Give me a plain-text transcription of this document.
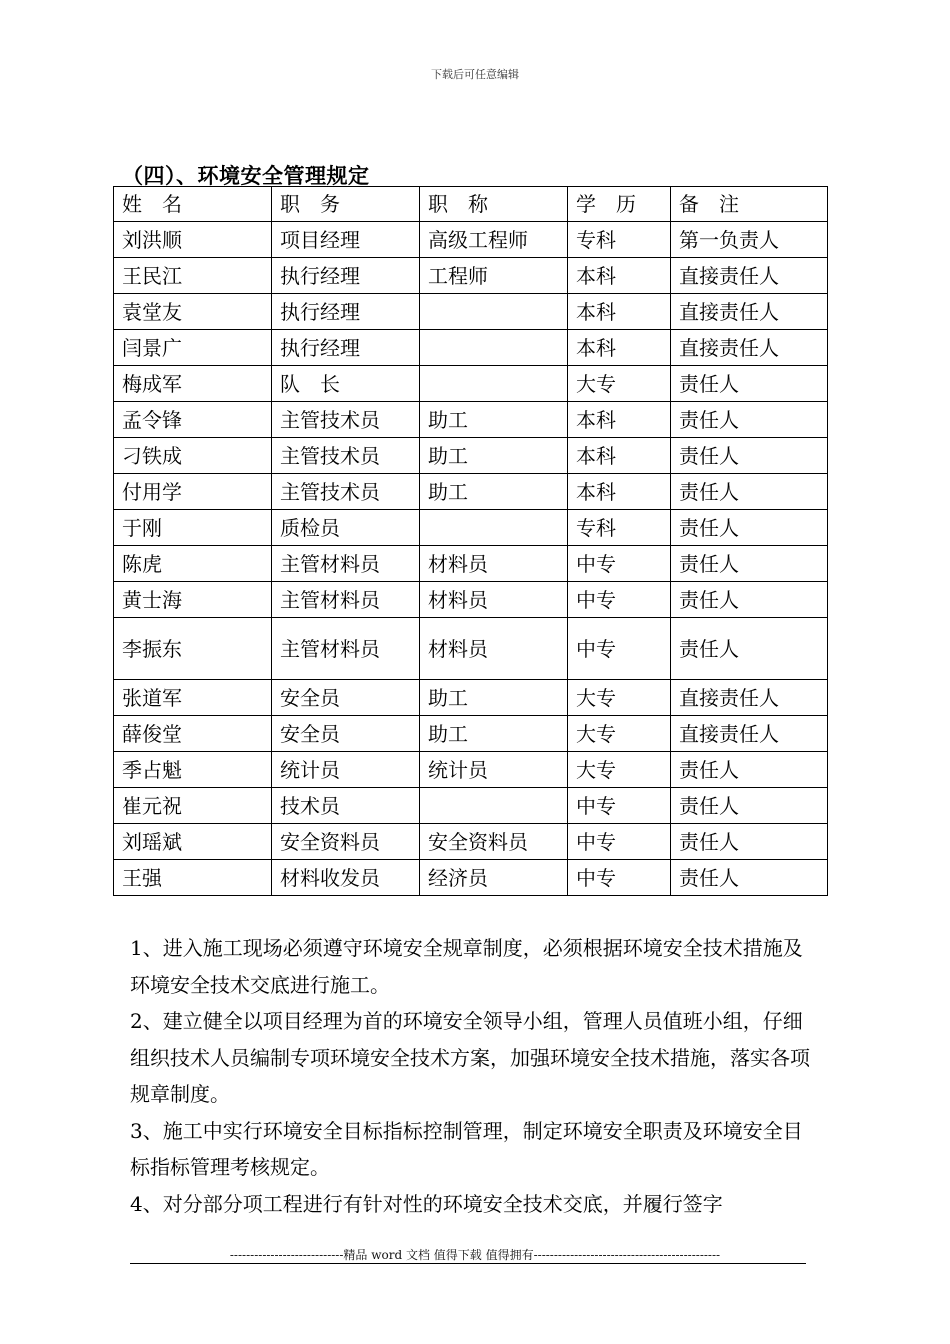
下载后可任意编辑
（四）、环境安全管理规定
姓　名	职　务	职　称	学　历	备　注
刘洪顺	项目经理	高级工程师	专科	第一负责人
王民江	执行经理	工程师	本科	直接责任人
袁堂友	执行经理		本科	直接责任人
闫景广	执行经理		本科	直接责任人
梅成军	队　长		大专	责任人
孟令锋	主管技术员	助工	本科	责任人
刁铁成	主管技术员	助工	本科	责任人
付用学	主管技术员	助工	本科	责任人
于刚	质检员		专科	责任人
陈虎	主管材料员	材料员	中专	责任人
黄士海	主管材料员	材料员	中专	责任人
李振东	主管材料员	材料员	中专	责任人
张道军	安全员	助工	大专	直接责任人
薛俊堂	安全员	助工	大专	直接责任人
季占魁	统计员	统计员	大专	责任人
崔元祝	技术员		中专	责任人
刘瑶斌	安全资料员	安全资料员	中专	责任人
王强	材料收发员	经济员	中专	责任人

1、进入施工现场必须遵守环境安全规章制度，必须根据环境安全技术措施及环境安全技术交底进行施工。

2、建立健全以项目经理为首的环境安全领导小组，管理人员值班小组，仔细组织技术人员编制专项环境安全技术方案，加强环境安全技术措施，落实各项规章制度。

3、施工中实行环境安全目标指标控制管理，制定环境安全职责及环境安全目标指标管理考核规定。

4、对分部分项工程进行有针对性的环境安全技术交底，并履行签字

----------------------------精品 word 文档 值得下载 值得拥有----------------------------------------------
